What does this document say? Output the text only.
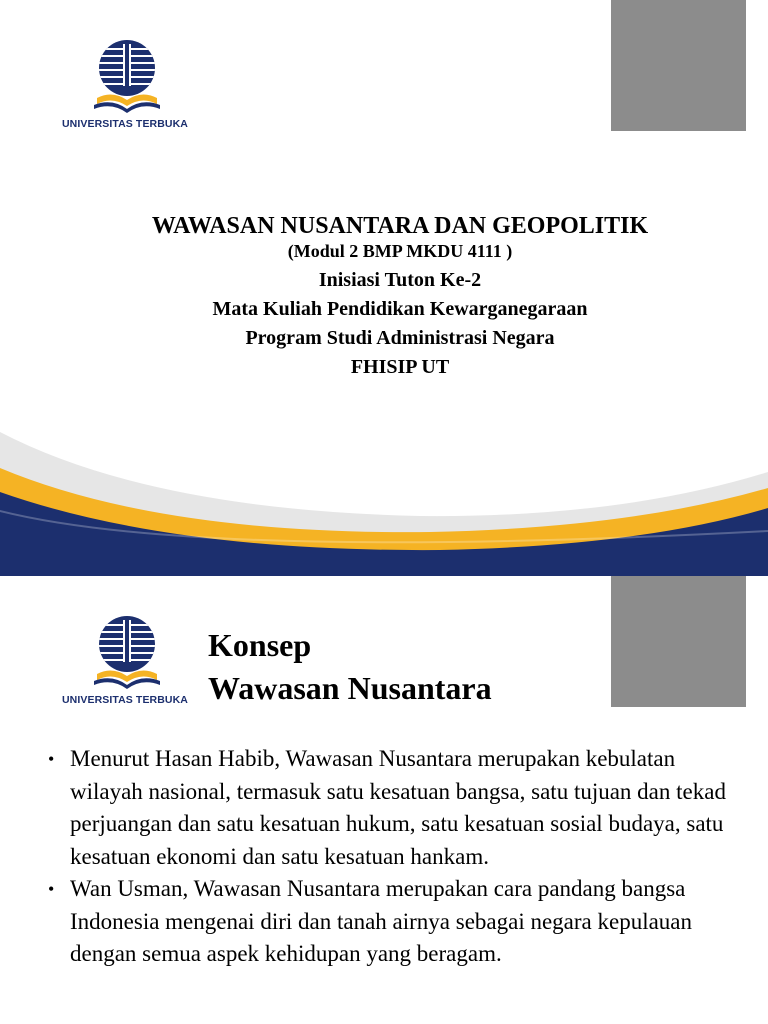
UNIVERSITAS TERBUKA
WAWASAN NUSANTARA DAN GEOPOLITIK
(Modul 2 BMP MKDU 4111 )
Inisiasi Tuton Ke-2
Mata Kuliah Pendidikan Kewarganegaraan
Program Studi Administrasi Negara
FHISIP UT
UNIVERSITAS TERBUKA
Konsep
Wawasan Nusantara
• Menurut Hasan Habib, Wawasan Nusantara merupakan kebulatan wilayah nasional, termasuk satu kesatuan bangsa, satu tujuan dan tekad perjuangan dan satu kesatuan hukum, satu kesatuan sosial budaya, satu kesatuan ekonomi dan satu kesatuan hankam.
• Wan Usman, Wawasan Nusantara merupakan cara pandang bangsa Indonesia mengenai diri dan tanah airnya sebagai negara kepulauan dengan semua aspek kehidupan yang beragam.
